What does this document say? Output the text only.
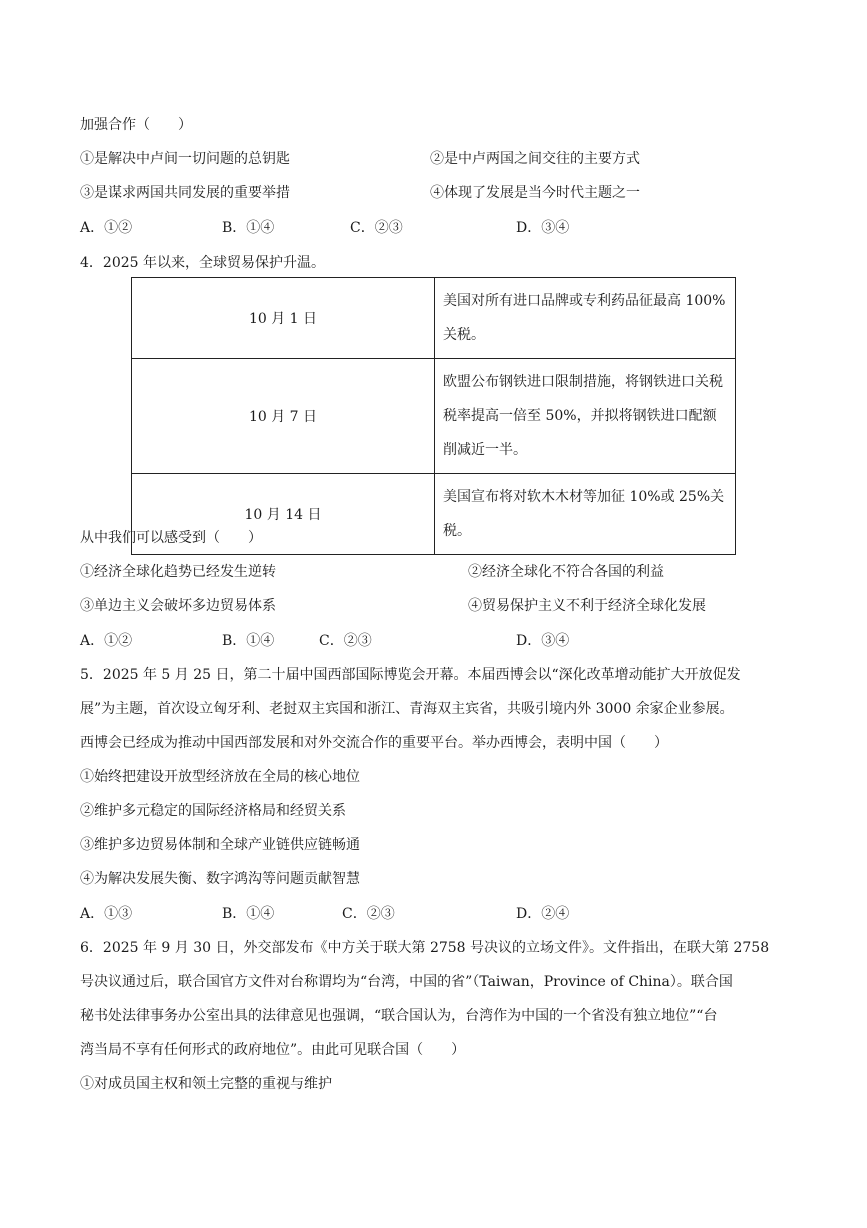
加强合作（　　）
①是解决中卢间一切问题的总钥匙	②是中卢两国之间交往的主要方式
③是谋求两国共同发展的重要举措	④体现了发展是当今时代主题之一
A．①②	B．①④	C．②③	D．③④
4．2025 年以来，全球贸易保护升温。
10 月 1 日	美国对所有进口品牌或专利药品征最高 100%关税。
10 月 7 日	欧盟公布钢铁进口限制措施，将钢铁进口关税税率提高一倍至 50%，并拟将钢铁进口配额削减近一半。
10 月 14 日	美国宣布将对软木木材等加征 10%或 25%关税。
从中我们可以感受到（　　）
①经济全球化趋势已经发生逆转	②经济全球化不符合各国的利益
③单边主义会破坏多边贸易体系	④贸易保护主义不利于经济全球化发展
A．①②	B．①④	C．②③	D．③④
5．2025 年 5 月 25 日，第二十届中国西部国际博览会开幕。本届西博会以“深化改革增动能扩大开放促发
展”为主题，首次设立匈牙利、老挝双主宾国和浙江、青海双主宾省，共吸引境内外 3000 余家企业参展。
西博会已经成为推动中国西部发展和对外交流合作的重要平台。举办西博会，表明中国（　　）
①始终把建设开放型经济放在全局的核心地位
②维护多元稳定的国际经济格局和经贸关系
③维护多边贸易体制和全球产业链供应链畅通
④为解决发展失衡、数字鸿沟等问题贡献智慧
A．①③	B．①④	C．②③	D．②④
6．2025 年 9 月 30 日，外交部发布《中方关于联大第 2758 号决议的立场文件》。文件指出，在联大第 2758
号决议通过后，联合国官方文件对台称谓均为“台湾，中国的省”（Taiwan，Province of China）。联合国
秘书处法律事务办公室出具的法律意见也强调，“联合国认为，台湾作为中国的一个省没有独立地位”“台
湾当局不享有任何形式的政府地位”。由此可见联合国（　　）
①对成员国主权和领土完整的重视与维护
